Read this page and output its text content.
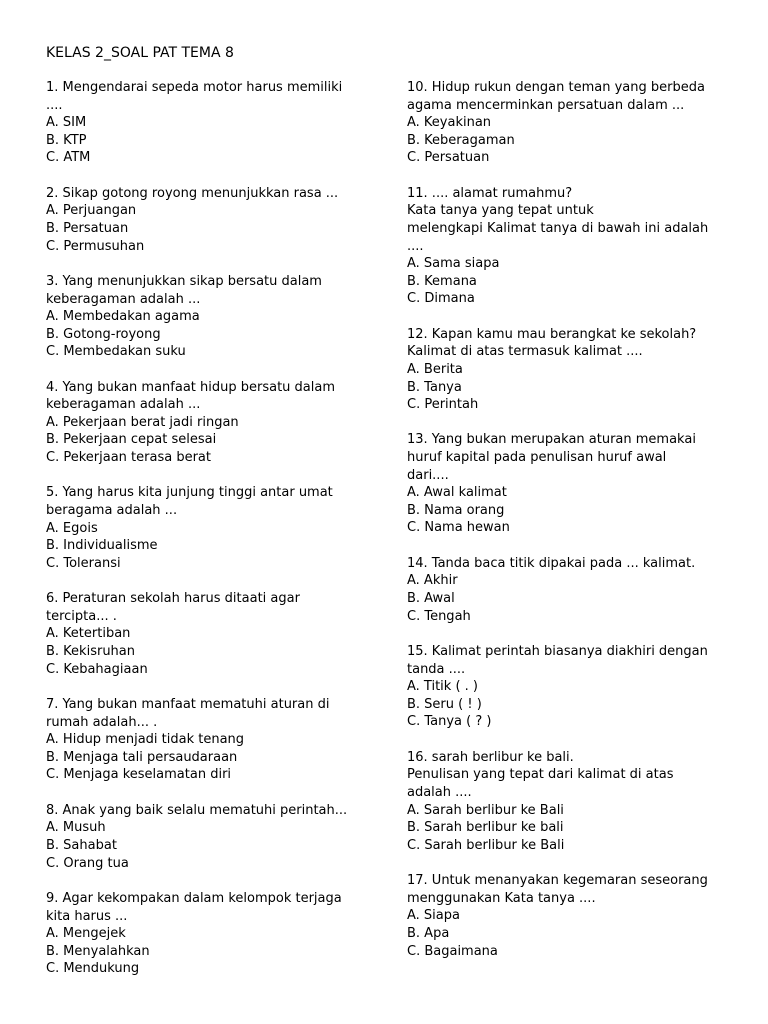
KELAS 2_SOAL PAT TEMA 8
1. Mengendarai sepeda motor harus memiliki
....
A. SIM
B. KTP
C. ATM
2. Sikap gotong royong menunjukkan rasa ...
A. Perjuangan
B. Persatuan
C. Permusuhan
3. Yang menunjukkan sikap bersatu dalam
keberagaman adalah ...
A. Membedakan agama
B. Gotong-royong
C. Membedakan suku
4. Yang bukan manfaat hidup bersatu dalam
keberagaman adalah ...
A. Pekerjaan berat jadi ringan
B. Pekerjaan cepat selesai
C. Pekerjaan terasa berat
5. Yang harus kita junjung tinggi antar umat
beragama adalah ...
A. Egois
B. Individualisme
C. Toleransi
6. Peraturan sekolah harus ditaati agar
tercipta... .
A. Ketertiban
B. Kekisruhan
C. Kebahagiaan
7. Yang bukan manfaat mematuhi aturan di
rumah adalah... .
A. Hidup menjadi tidak tenang
B. Menjaga tali persaudaraan
C. Menjaga keselamatan diri
8. Anak yang baik selalu mematuhi perintah...
A. Musuh
B. Sahabat
C. Orang tua
9. Agar kekompakan dalam kelompok terjaga
kita harus ...
A. Mengejek
B. Menyalahkan
C. Mendukung
10. Hidup rukun dengan teman yang berbeda
agama mencerminkan persatuan dalam ...
A. Keyakinan
B. Keberagaman
C. Persatuan
11. .... alamat rumahmu?
Kata tanya yang tepat untuk
melengkapi Kalimat tanya di bawah ini adalah
....
A. Sama siapa
B. Kemana
C. Dimana
12. Kapan kamu mau berangkat ke sekolah?
Kalimat di atas termasuk kalimat ....
A. Berita
B. Tanya
C. Perintah
13. Yang bukan merupakan aturan memakai
huruf kapital pada penulisan huruf awal
dari....
A. Awal kalimat
B. Nama orang
C. Nama hewan
14. Tanda baca titik dipakai pada ... kalimat.
A. Akhir
B. Awal
C. Tengah
15. Kalimat perintah biasanya diakhiri dengan
tanda ....
A. Titik ( . )
B. Seru ( ! )
C. Tanya ( ? )
16. sarah berlibur ke bali.
Penulisan yang tepat dari kalimat di atas
adalah ....
A. Sarah berlibur ke Bali
B. Sarah berlibur ke bali
C. Sarah berlibur ke Bali
17. Untuk menanyakan kegemaran seseorang
menggunakan Kata tanya ....
A. Siapa
B. Apa
C. Bagaimana
